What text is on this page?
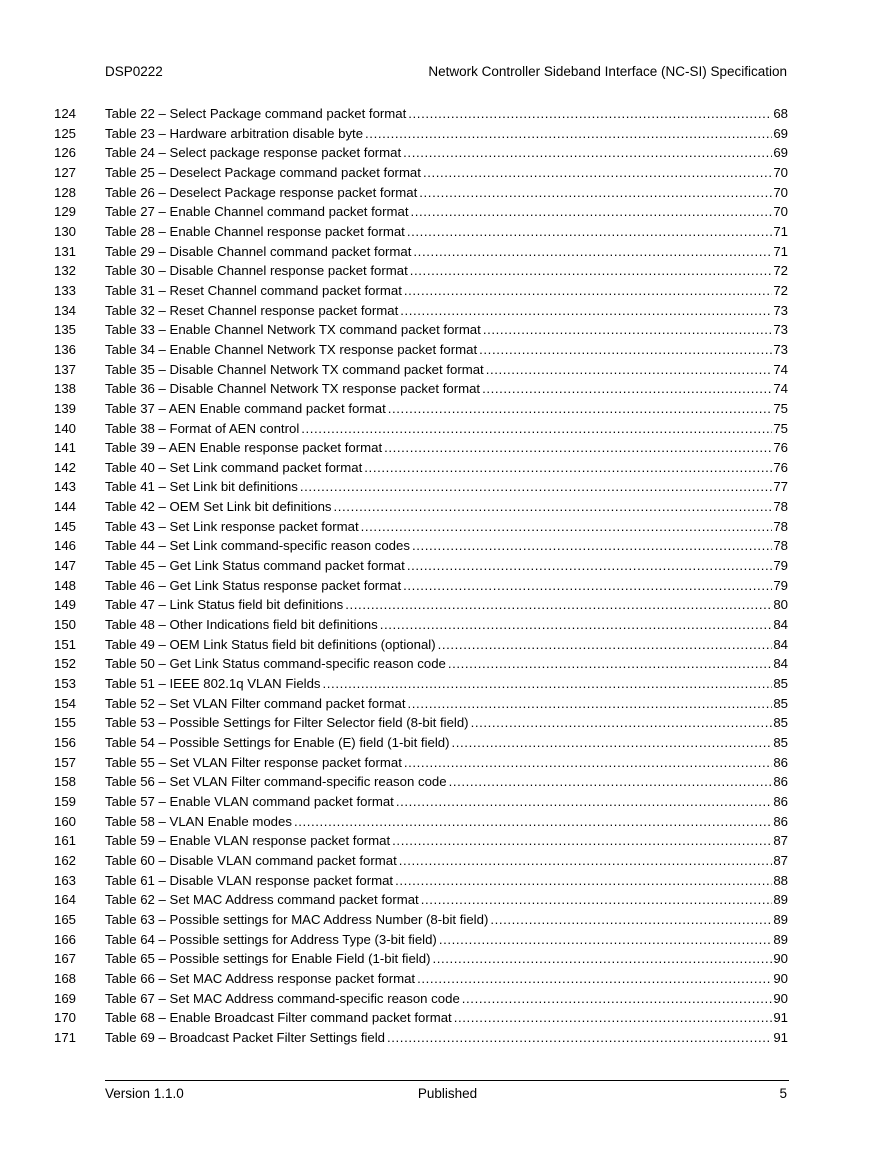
DSP0222	Network Controller Sideband Interface (NC-SI) Specification
124 Table 22 – Select Package command packet format .....	68
125 Table 23 – Hardware arbitration disable byte .....	69
126 Table 24 – Select package response packet format .....	69
127 Table 25 – Deselect Package command packet format .....	70
128 Table 26 – Deselect Package response packet format .....	70
129 Table 27 – Enable Channel command packet format .....	70
130 Table 28 – Enable Channel response packet format .....	71
131 Table 29 – Disable Channel command packet format .....	71
132 Table 30 – Disable Channel response packet format .....	72
133 Table 31 – Reset Channel command packet format .....	72
134 Table 32 – Reset Channel response packet format .....	73
135 Table 33 – Enable Channel Network TX command packet format .....	73
136 Table 34 – Enable Channel Network TX response packet format .....	73
137 Table 35 – Disable Channel Network TX command packet format .....	74
138 Table 36 – Disable Channel Network TX response packet format .....	74
139 Table 37 – AEN Enable command packet format .....	75
140 Table 38 – Format of AEN control .....	75
141 Table 39 – AEN Enable response packet format .....	76
142 Table 40 – Set Link command packet format .....	76
143 Table 41 – Set Link bit definitions .....	77
144 Table 42 – OEM Set Link bit definitions .....	78
145 Table 43 – Set Link response packet format .....	78
146 Table 44 – Set Link command-specific reason codes .....	78
147 Table 45 – Get Link Status command packet format .....	79
148 Table 46 – Get Link Status response packet format .....	79
149 Table 47 – Link Status field bit definitions .....	80
150 Table 48 – Other Indications field bit definitions .....	84
151 Table 49 – OEM Link Status field bit definitions (optional) .....	84
152 Table 50 – Get Link Status command-specific reason code .....	84
153 Table 51 – IEEE 802.1q VLAN Fields .....	85
154 Table 52 – Set VLAN Filter command packet format .....	85
155 Table 53 – Possible Settings for Filter Selector field (8-bit field) .....	85
156 Table 54 – Possible Settings for Enable (E) field (1-bit field) .....	85
157 Table 55 – Set VLAN Filter response packet format .....	86
158 Table 56 – Set VLAN Filter command-specific reason code .....	86
159 Table 57 – Enable VLAN command packet format .....	86
160 Table 58 – VLAN Enable modes .....	86
161 Table 59 – Enable VLAN response packet format .....	87
162 Table 60 – Disable VLAN command packet format .....	87
163 Table 61 – Disable VLAN response packet format .....	88
164 Table 62 – Set MAC Address command packet format .....	89
165 Table 63 – Possible settings for MAC Address Number (8-bit field) .....	89
166 Table 64 – Possible settings for Address Type (3-bit field) .....	89
167 Table 65 – Possible settings for Enable Field (1-bit field) .....	90
168 Table 66 – Set MAC Address response packet format .....	90
169 Table 67 – Set MAC Address command-specific reason code .....	90
170 Table 68 – Enable Broadcast Filter command packet format .....	91
171 Table 69 – Broadcast Packet Filter Settings field .....	91
Version 1.1.0	Published	5
